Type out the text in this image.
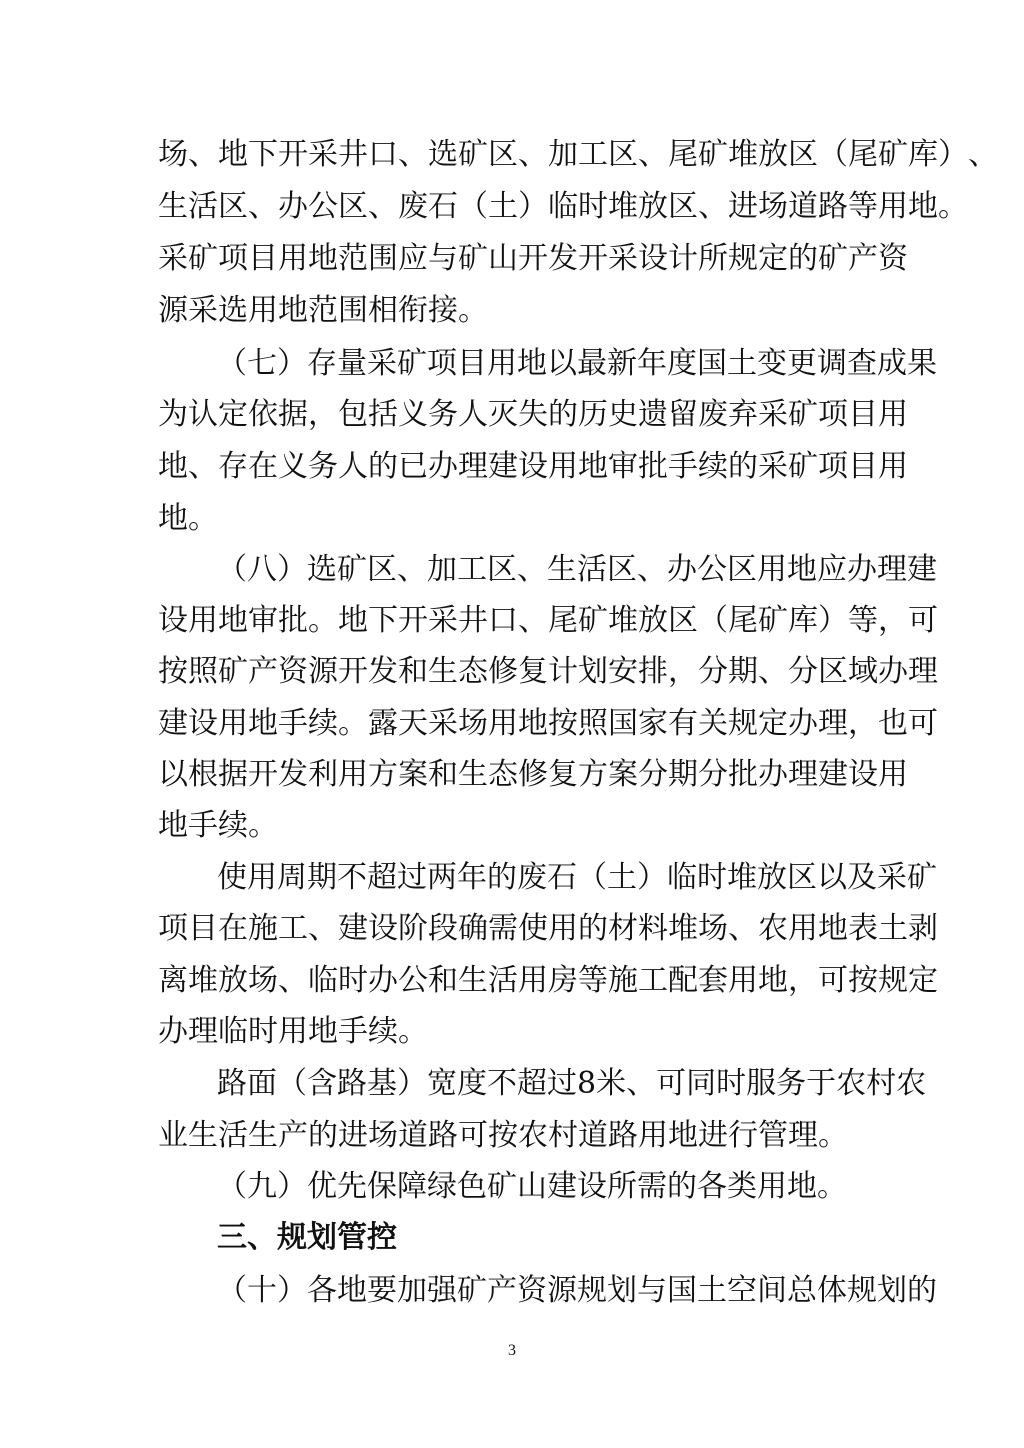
场 、 地 下 开 采 井 口 、 选 矿 区 、 加 工 区 、 尾 矿 堆 放 区 （ 尾 矿 库 ） 、
生 活 区 、 办 公 区 、 废 石 （ 土 ） 临 时 堆 放 区 、 进 场 道 路 等 用 地 。
采 矿 项 目 用 地 范 围 应 与 矿 山 开 发 开 采 设 计 所 规 定 的 矿 产 资
源采选用地范围相衔接。
（ 七 ） 存 量 采 矿 项 目 用 地 以 最 新 年 度 国 土 变 更 调 查 成 果
为 认 定 依 据 ， 包 括 义 务 人 灭 失 的 历 史 遗 留 废 弃 采 矿 项 目 用
地 、 存 在 义 务 人 的 已 办 理 建 设 用 地 审 批 手 续 的 采 矿 项 目 用
地。
（ 八 ） 选 矿 区 、 加 工 区 、 生 活 区 、 办 公 区 用 地 应 办 理 建
设 用 地 审 批 。 地 下 开 采 井 口 、 尾 矿 堆 放 区 （ 尾 矿 库 ） 等 ， 可
按 照 矿 产 资 源 开 发 和 生 态 修 复 计 划 安 排 ， 分 期 、 分 区 域 办 理
建 设 用 地 手 续 。 露 天 采 场 用 地 按 照 国 家 有 关 规 定 办 理 ， 也 可
以 根 据 开 发 利 用 方 案 和 生 态 修 复 方 案 分 期 分 批 办 理 建 设 用
地手续。
使 用 周 期 不 超 过 两 年 的 废 石 （ 土 ） 临 时 堆 放 区 以 及 采 矿
项 目 在 施 工 、 建 设 阶 段 确 需 使 用 的 材 料 堆 场 、 农 用 地 表 土 剥
离 堆 放 场 、 临 时 办 公 和 生 活 用 房 等 施 工 配 套 用 地 ， 可 按 规 定
办理临时用地手续。
路 面 （ 含 路 基 ） 宽 度 不 超 过 8 米 、 可 同 时 服 务 于 农 村 农
业生活生产的进场道路可按农村道路用地进行管理。
（九）优先保障绿色矿山建设所需的各类用地。
三、规划管控
（ 十 ） 各 地 要 加 强 矿 产 资 源 规 划 与 国 土 空 间 总 体 规 划 的
3
